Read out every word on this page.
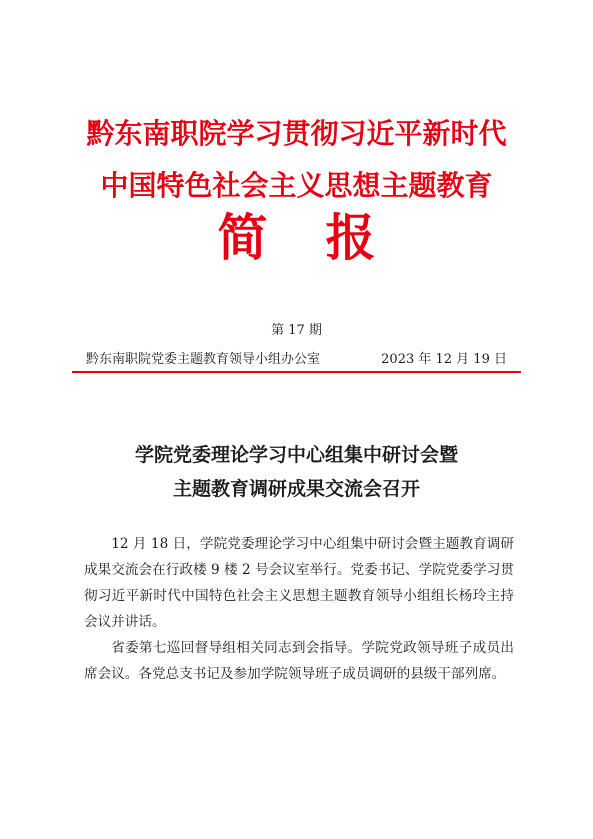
黔东南职院学习贯彻习近平新时代
中国特色社会主义思想主题教育
简 报
第 17 期
黔东南职院党委主题教育领导小组办公室	2023 年 12 月 19 日
学院党委理论学习中心组集中研讨会暨
主题教育调研成果交流会召开

12 月 18 日，学院党委理论学习中心组集中研讨会暨主题教育调研成果交流会在行政楼 9 楼 2 号会议室举行。党委书记、学院党委学习贯彻习近平新时代中国特色社会主义思想主题教育领导小组组长杨玲主持会议并讲话。

省委第七巡回督导组相关同志到会指导。学院党政领导班子成员出席会议。各党总支书记及参加学院领导班子成员调研的县级干部列席。
